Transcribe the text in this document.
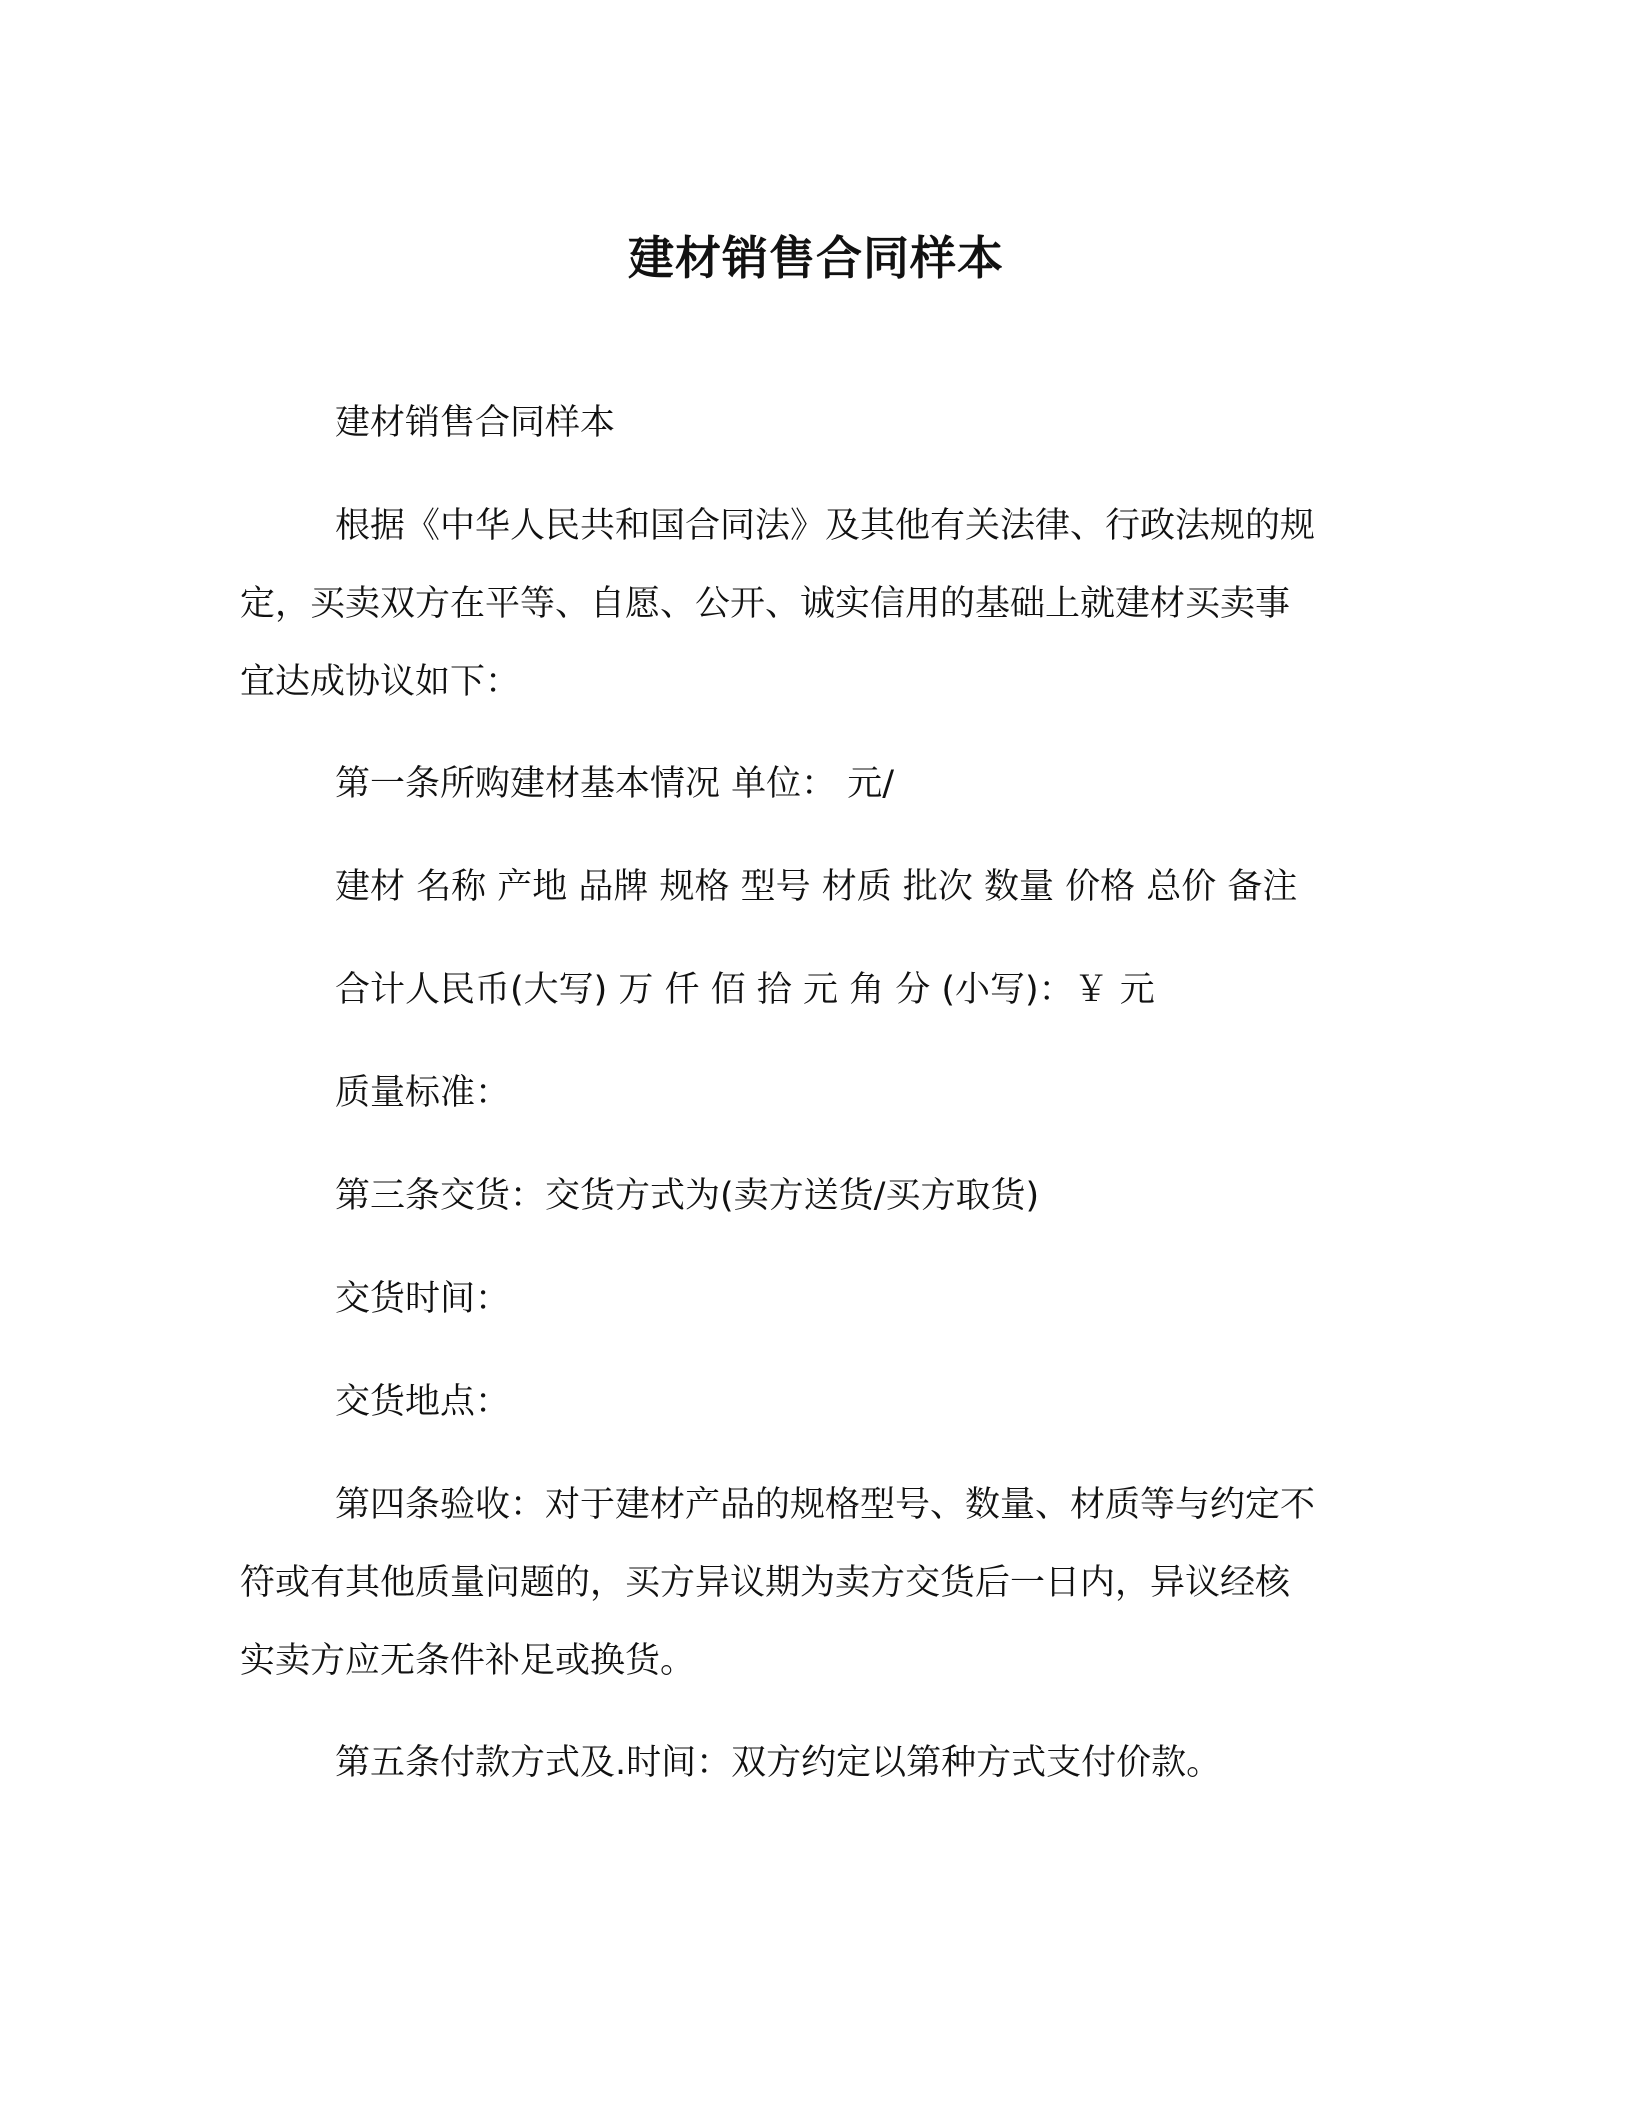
建材销售合同样本
建材销售合同样本
根据《中华人民共和国合同法》及其他有关法律、行政法规的规
定，买卖双方在平等、自愿、公开、诚实信用的基础上就建材买卖事
宜达成协议如下：
第一条所购建材基本情况 单位： 元/
建材 名称 产地 品牌 规格 型号 材质 批次 数量 价格 总价 备注
合计人民币(大写) 万 仟 佰 拾 元 角 分 (小写)：￥ 元
质量标准：
第三条交货：交货方式为(卖方送货/买方取货)
交货时间：
交货地点：
第四条验收：对于建材产品的规格型号、数量、材质等与约定不
符或有其他质量问题的，买方异议期为卖方交货后一日内，异议经核
实卖方应无条件补足或换货。
第五条付款方式及.时间：双方约定以第种方式支付价款。
